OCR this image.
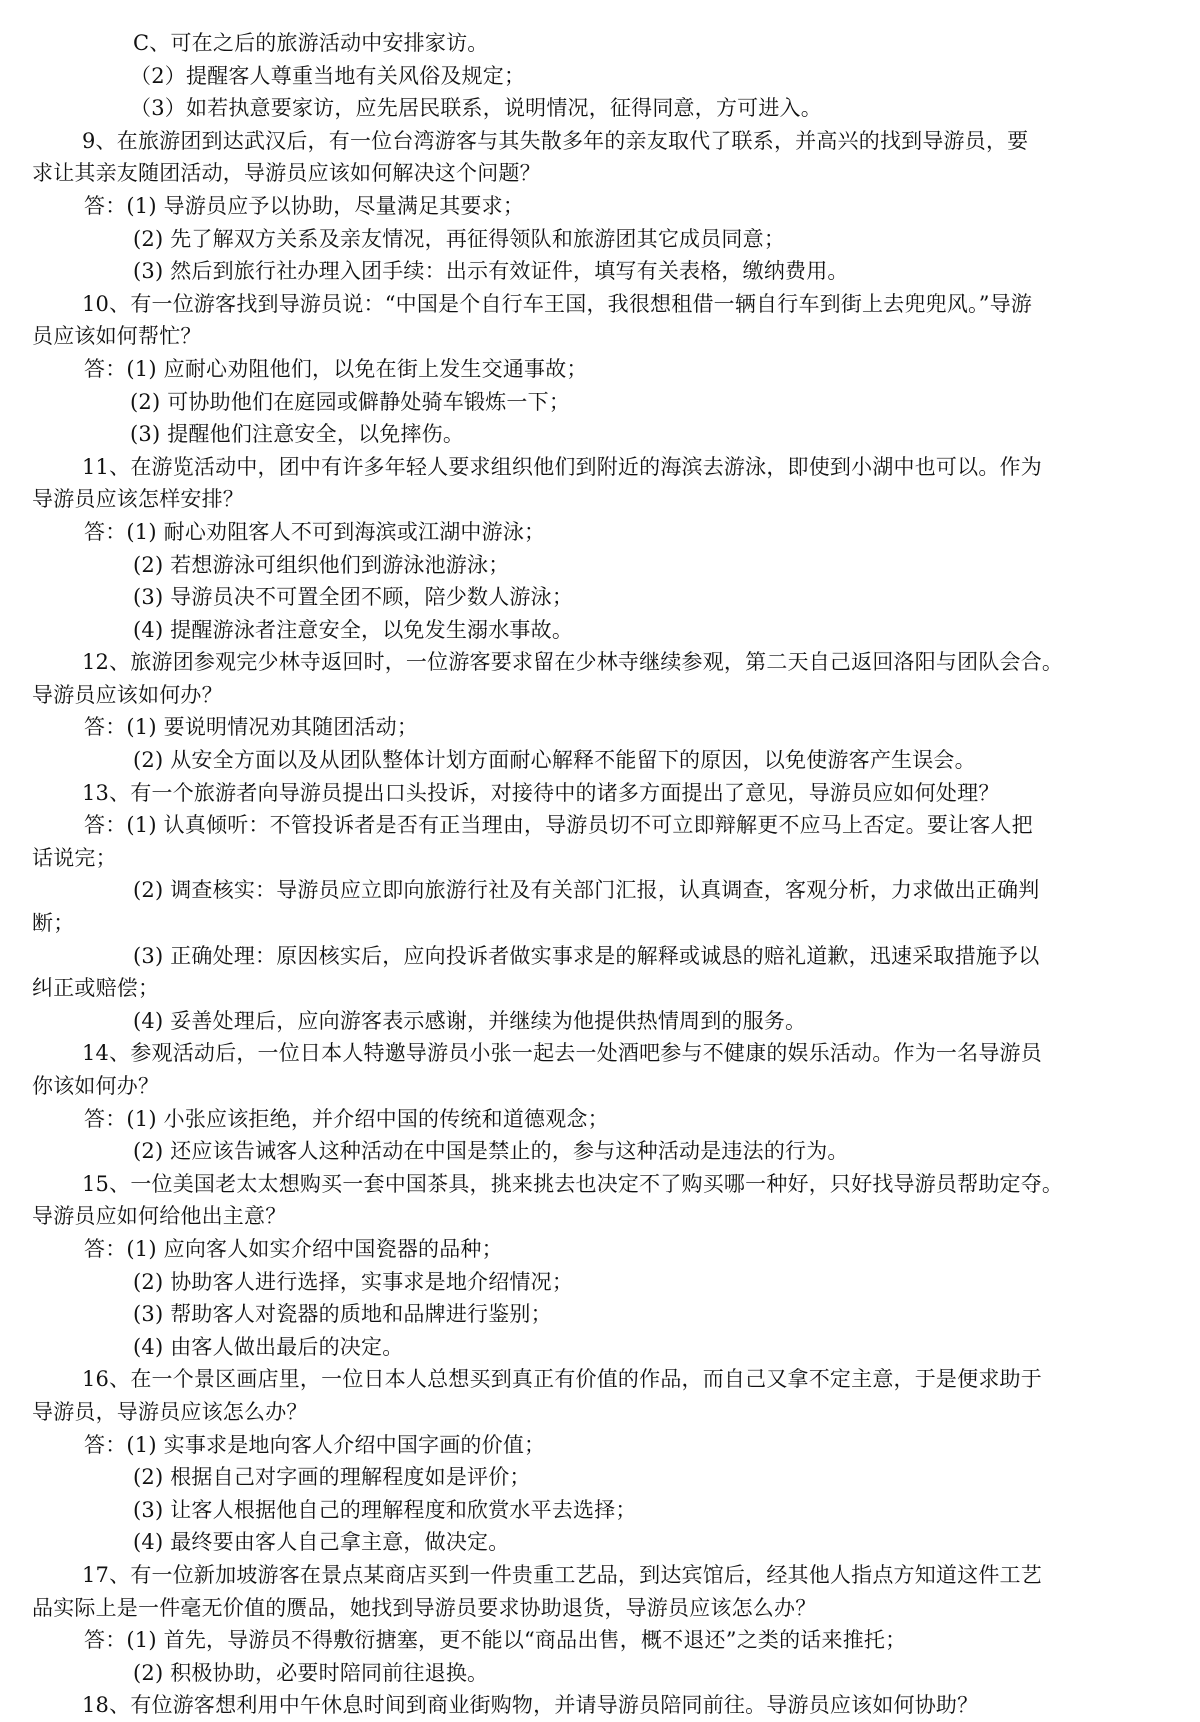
C、可在之后的旅游活动中安排家访。
（2）提醒客人尊重当地有关风俗及规定；
（3）如若执意要家访，应先居民联系，说明情况，征得同意，方可进入。
9、在旅游团到达武汉后，有一位台湾游客与其失散多年的亲友取代了联系，并高兴的找到导游员，要
求让其亲友随团活动，导游员应该如何解决这个问题？
答：(1) 导游员应予以协助，尽量满足其要求；
(2) 先了解双方关系及亲友情况，再征得领队和旅游团其它成员同意；
(3) 然后到旅行社办理入团手续：出示有效证件，填写有关表格，缴纳费用。
10、有一位游客找到导游员说：“中国是个自行车王国，我很想租借一辆自行车到街上去兜兜风。”导游
员应该如何帮忙？
答：(1) 应耐心劝阻他们，以免在街上发生交通事故；
(2) 可协助他们在庭园或僻静处骑车锻炼一下；
(3) 提醒他们注意安全，以免摔伤。
11、在游览活动中，团中有许多年轻人要求组织他们到附近的海滨去游泳，即使到小湖中也可以。作为
导游员应该怎样安排？
答：(1) 耐心劝阻客人不可到海滨或江湖中游泳；
(2) 若想游泳可组织他们到游泳池游泳；
(3) 导游员决不可置全团不顾，陪少数人游泳；
(4) 提醒游泳者注意安全，以免发生溺水事故。
12、旅游团参观完少林寺返回时，一位游客要求留在少林寺继续参观，第二天自己返回洛阳与团队会合。
导游员应该如何办？
答：(1) 要说明情况劝其随团活动；
(2) 从安全方面以及从团队整体计划方面耐心解释不能留下的原因，以免使游客产生误会。
13、有一个旅游者向导游员提出口头投诉，对接待中的诸多方面提出了意见，导游员应如何处理？
答：(1) 认真倾听：不管投诉者是否有正当理由，导游员切不可立即辩解更不应马上否定。要让客人把
话说完；
(2) 调查核实：导游员应立即向旅游行社及有关部门汇报，认真调查，客观分析，力求做出正确判
断；
(3) 正确处理：原因核实后，应向投诉者做实事求是的解释或诚恳的赔礼道歉，迅速采取措施予以
纠正或赔偿；
(4) 妥善处理后，应向游客表示感谢，并继续为他提供热情周到的服务。
14、参观活动后，一位日本人特邀导游员小张一起去一处酒吧参与不健康的娱乐活动。作为一名导游员
你该如何办？
答：(1) 小张应该拒绝，并介绍中国的传统和道德观念；
(2) 还应该告诫客人这种活动在中国是禁止的，参与这种活动是违法的行为。
15、一位美国老太太想购买一套中国茶具，挑来挑去也决定不了购买哪一种好，只好找导游员帮助定夺。
导游员应如何给他出主意？
答：(1) 应向客人如实介绍中国瓷器的品种；
(2) 协助客人进行选择，实事求是地介绍情况；
(3) 帮助客人对瓷器的质地和品牌进行鉴别；
(4) 由客人做出最后的决定。
16、在一个景区画店里，一位日本人总想买到真正有价值的作品，而自己又拿不定主意，于是便求助于
导游员，导游员应该怎么办？
答：(1) 实事求是地向客人介绍中国字画的价值；
(2) 根据自己对字画的理解程度如是评价；
(3) 让客人根据他自己的理解程度和欣赏水平去选择；
(4) 最终要由客人自己拿主意，做决定。
17、有一位新加坡游客在景点某商店买到一件贵重工艺品，到达宾馆后，经其他人指点方知道这件工艺
品实际上是一件毫无价值的赝品，她找到导游员要求协助退货，导游员应该怎么办？
答：(1) 首先，导游员不得敷衍搪塞，更不能以“商品出售，概不退还”之类的话来推托；
(2) 积极协助，必要时陪同前往退换。
18、有位游客想利用中午休息时间到商业街购物，并请导游员陪同前往。导游员应该如何协助？
